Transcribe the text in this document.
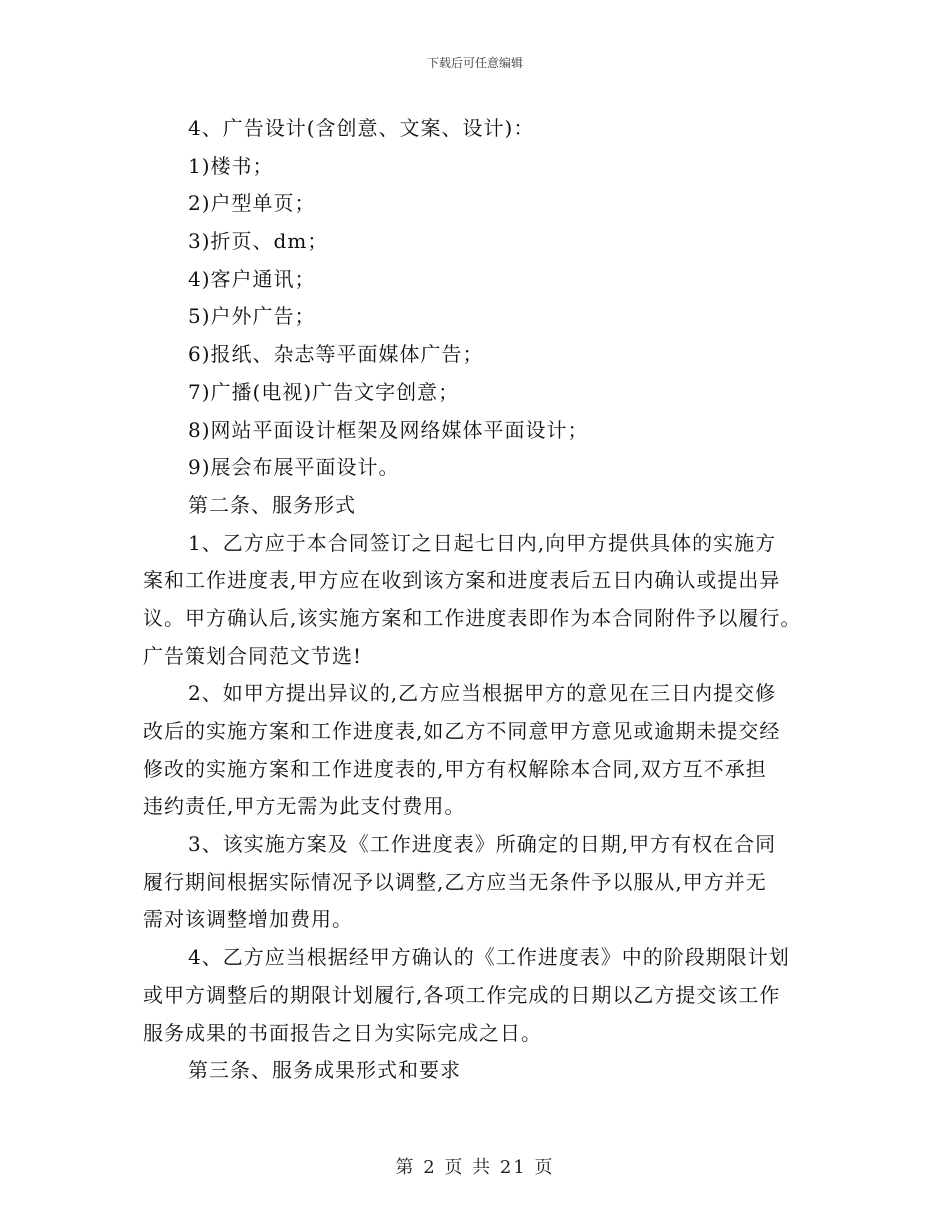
下载后可任意编辑
4、广告设计(含创意、文案、设计)：
1)楼书；
2)户型单页；
3)折页、dm；
4)客户通讯；
5)户外广告；
6)报纸、杂志等平面媒体广告；
7)广播(电视)广告文字创意；
8)网站平面设计框架及网络媒体平面设计；
9)展会布展平面设计。
第二条、服务形式
1、乙方应于本合同签订之日起七日内,向甲方提供具体的实施方
案和工作进度表,甲方应在收到该方案和进度表后五日内确认或提出异
议。甲方确认后,该实施方案和工作进度表即作为本合同附件予以履行。
广告策划合同范文节选!
2、如甲方提出异议的,乙方应当根据甲方的意见在三日内提交修
改后的实施方案和工作进度表,如乙方不同意甲方意见或逾期未提交经
修改的实施方案和工作进度表的,甲方有权解除本合同,双方互不承担
违约责任,甲方无需为此支付费用。
3、该实施方案及《工作进度表》所确定的日期,甲方有权在合同
履行期间根据实际情况予以调整,乙方应当无条件予以服从,甲方并无
需对该调整增加费用。
4、乙方应当根据经甲方确认的《工作进度表》中的阶段期限计划
或甲方调整后的期限计划履行,各项工作完成的日期以乙方提交该工作
服务成果的书面报告之日为实际完成之日。
第三条、服务成果形式和要求
第 2 页 共 21 页
